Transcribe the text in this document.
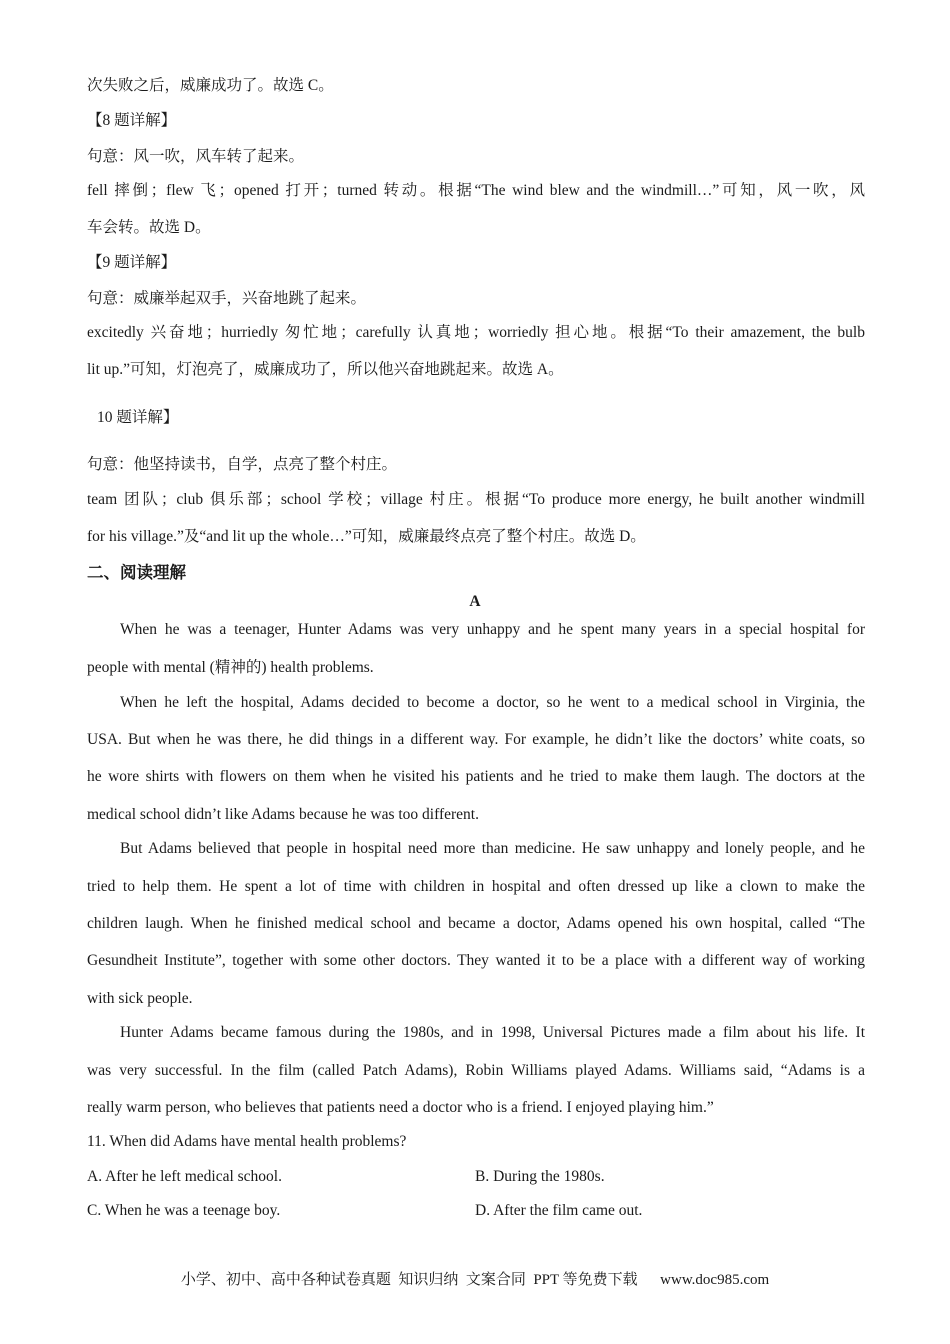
次失败之后，威廉成功了。故选 C。
【8 题详解】
句意：风一吹，风车转了起来。
fell 摔倒；flew 飞；opened 打开；turned 转动。根据“The wind blew and the windmill…”可知，风一吹，风
车会转。故选 D。
【9 题详解】
句意：威廉举起双手，兴奋地跳了起来。
excitedly 兴奋地；hurriedly 匆忙地；carefully 认真地；worriedly 担心地。根据“To their amazement, the bulb
lit up.”可知，灯泡亮了，威廉成功了，所以他兴奋地跳起来。故选 A。
10 题详解】
句意：他坚持读书，自学，点亮了整个村庄。
team 团队；club 俱乐部；school 学校；village 村庄。根据“To produce more energy, he built another windmill
for his village.”及“and lit up the whole…”可知，威廉最终点亮了整个村庄。故选 D。
二、阅读理解
A
When he was a teenager, Hunter Adams was very unhappy and he spent many years in a special hospital for
people with mental (精神的) health problems.
When he left the hospital, Adams decided to become a doctor, so he went to a medical school in Virginia, the
USA. But when he was there, he did things in a different way. For example, he didn’t like the doctors’ white coats, so
he wore shirts with flowers on them when he visited his patients and he tried to make them laugh. The doctors at the
medical school didn’t like Adams because he was too different.
But Adams believed that people in hospital need more than medicine. He saw unhappy and lonely people, and he
tried to help them. He spent a lot of time with children in hospital and often dressed up like a clown to make the
children laugh. When he finished medical school and became a doctor, Adams opened his own hospital, called “The
Gesundheit Institute”, together with some other doctors. They wanted it to be a place with a different way of working
with sick people.
Hunter Adams became famous during the 1980s, and in 1998, Universal Pictures made a film about his life. It
was very successful. In the film (called Patch Adams), Robin Williams played Adams. Williams said, “Adams is a
really warm person, who believes that patients need a doctor who is a friend. I enjoyed playing him.”
11. When did Adams have mental health problems?
A. After he left medical school.	B. During the 1980s.
C. When he was a teenage boy.	D. After the film came out.
小学、初中、高中各种试卷真题  知识归纳  文案合同  PPT 等免费下载      www.doc985.com
